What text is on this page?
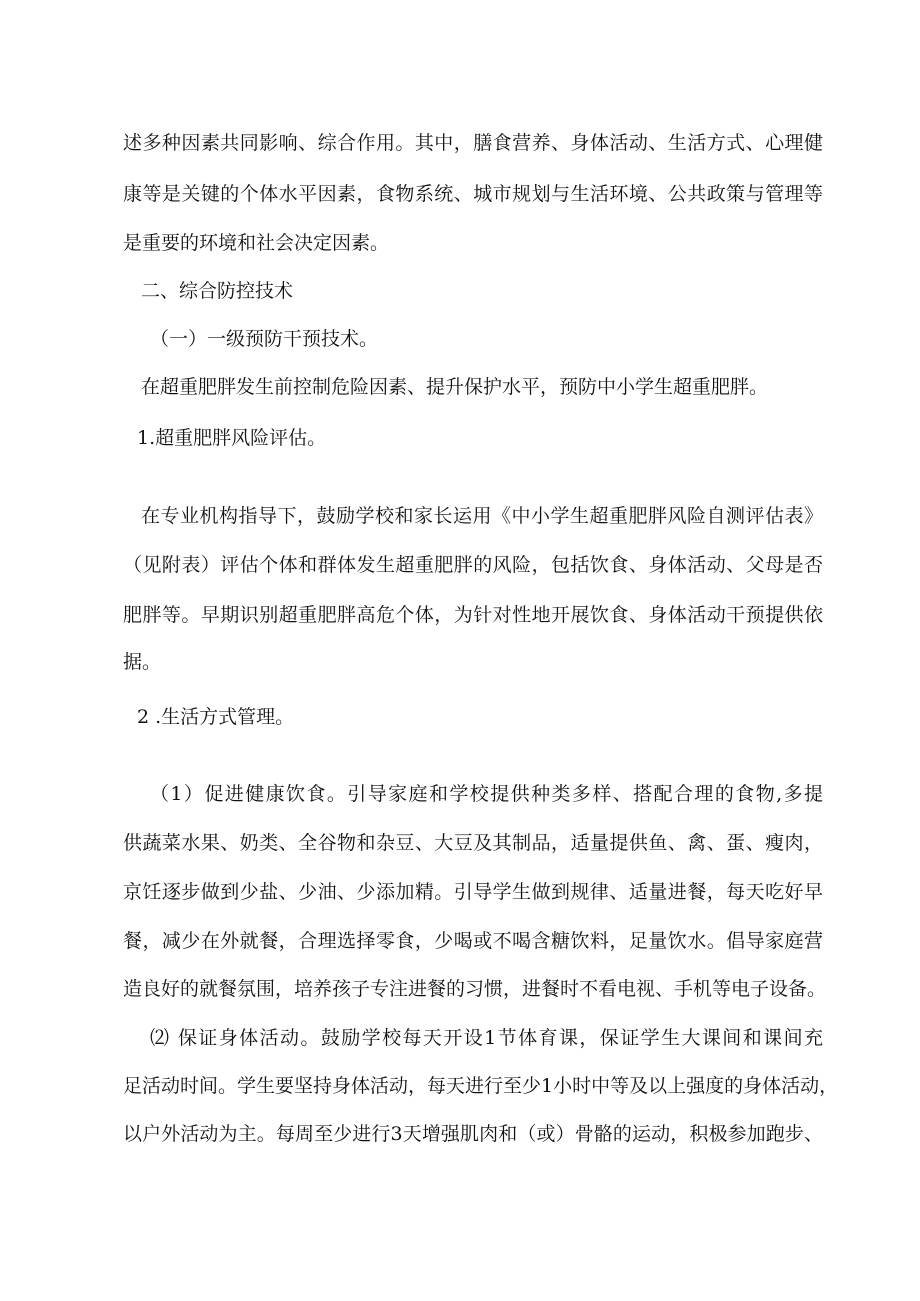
述多种因素共同影响、综合作用。其中，膳食营养、身体活动、生活方式、心理健
康等是关键的个体水平因素，食物系统、城市规划与生活环境、公共政策与管理等
是重要的环境和社会决定因素。
二、综合防控技术
（一）一级预防干预技术。
在超重肥胖发生前控制危险因素、提升保护水平，预防中小学生超重肥胖。
1.超重肥胖风险评估。
在专业机构指导下，鼓励学校和家长运用《中小学生超重肥胖风险自测评估表》
（见附表）评估个体和群体发生超重肥胖的风险，包括饮食、身体活动、父母是否
肥胖等。早期识别超重肥胖高危个体，为针对性地开展饮食、身体活动干预提供依
据。
2 .生活方式管理。
（1）促进健康饮食。引导家庭和学校提供种类多样、搭配合理的食物,多提
供蔬菜水果、奶类、全谷物和杂豆、大豆及其制品，适量提供鱼、禽、蛋、瘦肉，
京饪逐步做到少盐、少油、少添加精。引导学生做到规律、适量进餐，每天吃好早
餐，减少在外就餐，合理选择零食，少喝或不喝含糖饮料，足量饮水。倡导家庭营
造良好的就餐氛围，培养孩子专注进餐的习惯，进餐时不看电视、手机等电子设备。
⑵ 保证身体活动。鼓励学校每天开设1节体育课，保证学生大课间和课间充
足活动时间。学生要坚持身体活动，每天进行至少1小时中等及以上强度的身体活动，
以户外活动为主。每周至少进行3天增强肌肉和（或）骨骼的运动，积极参加跑步、
